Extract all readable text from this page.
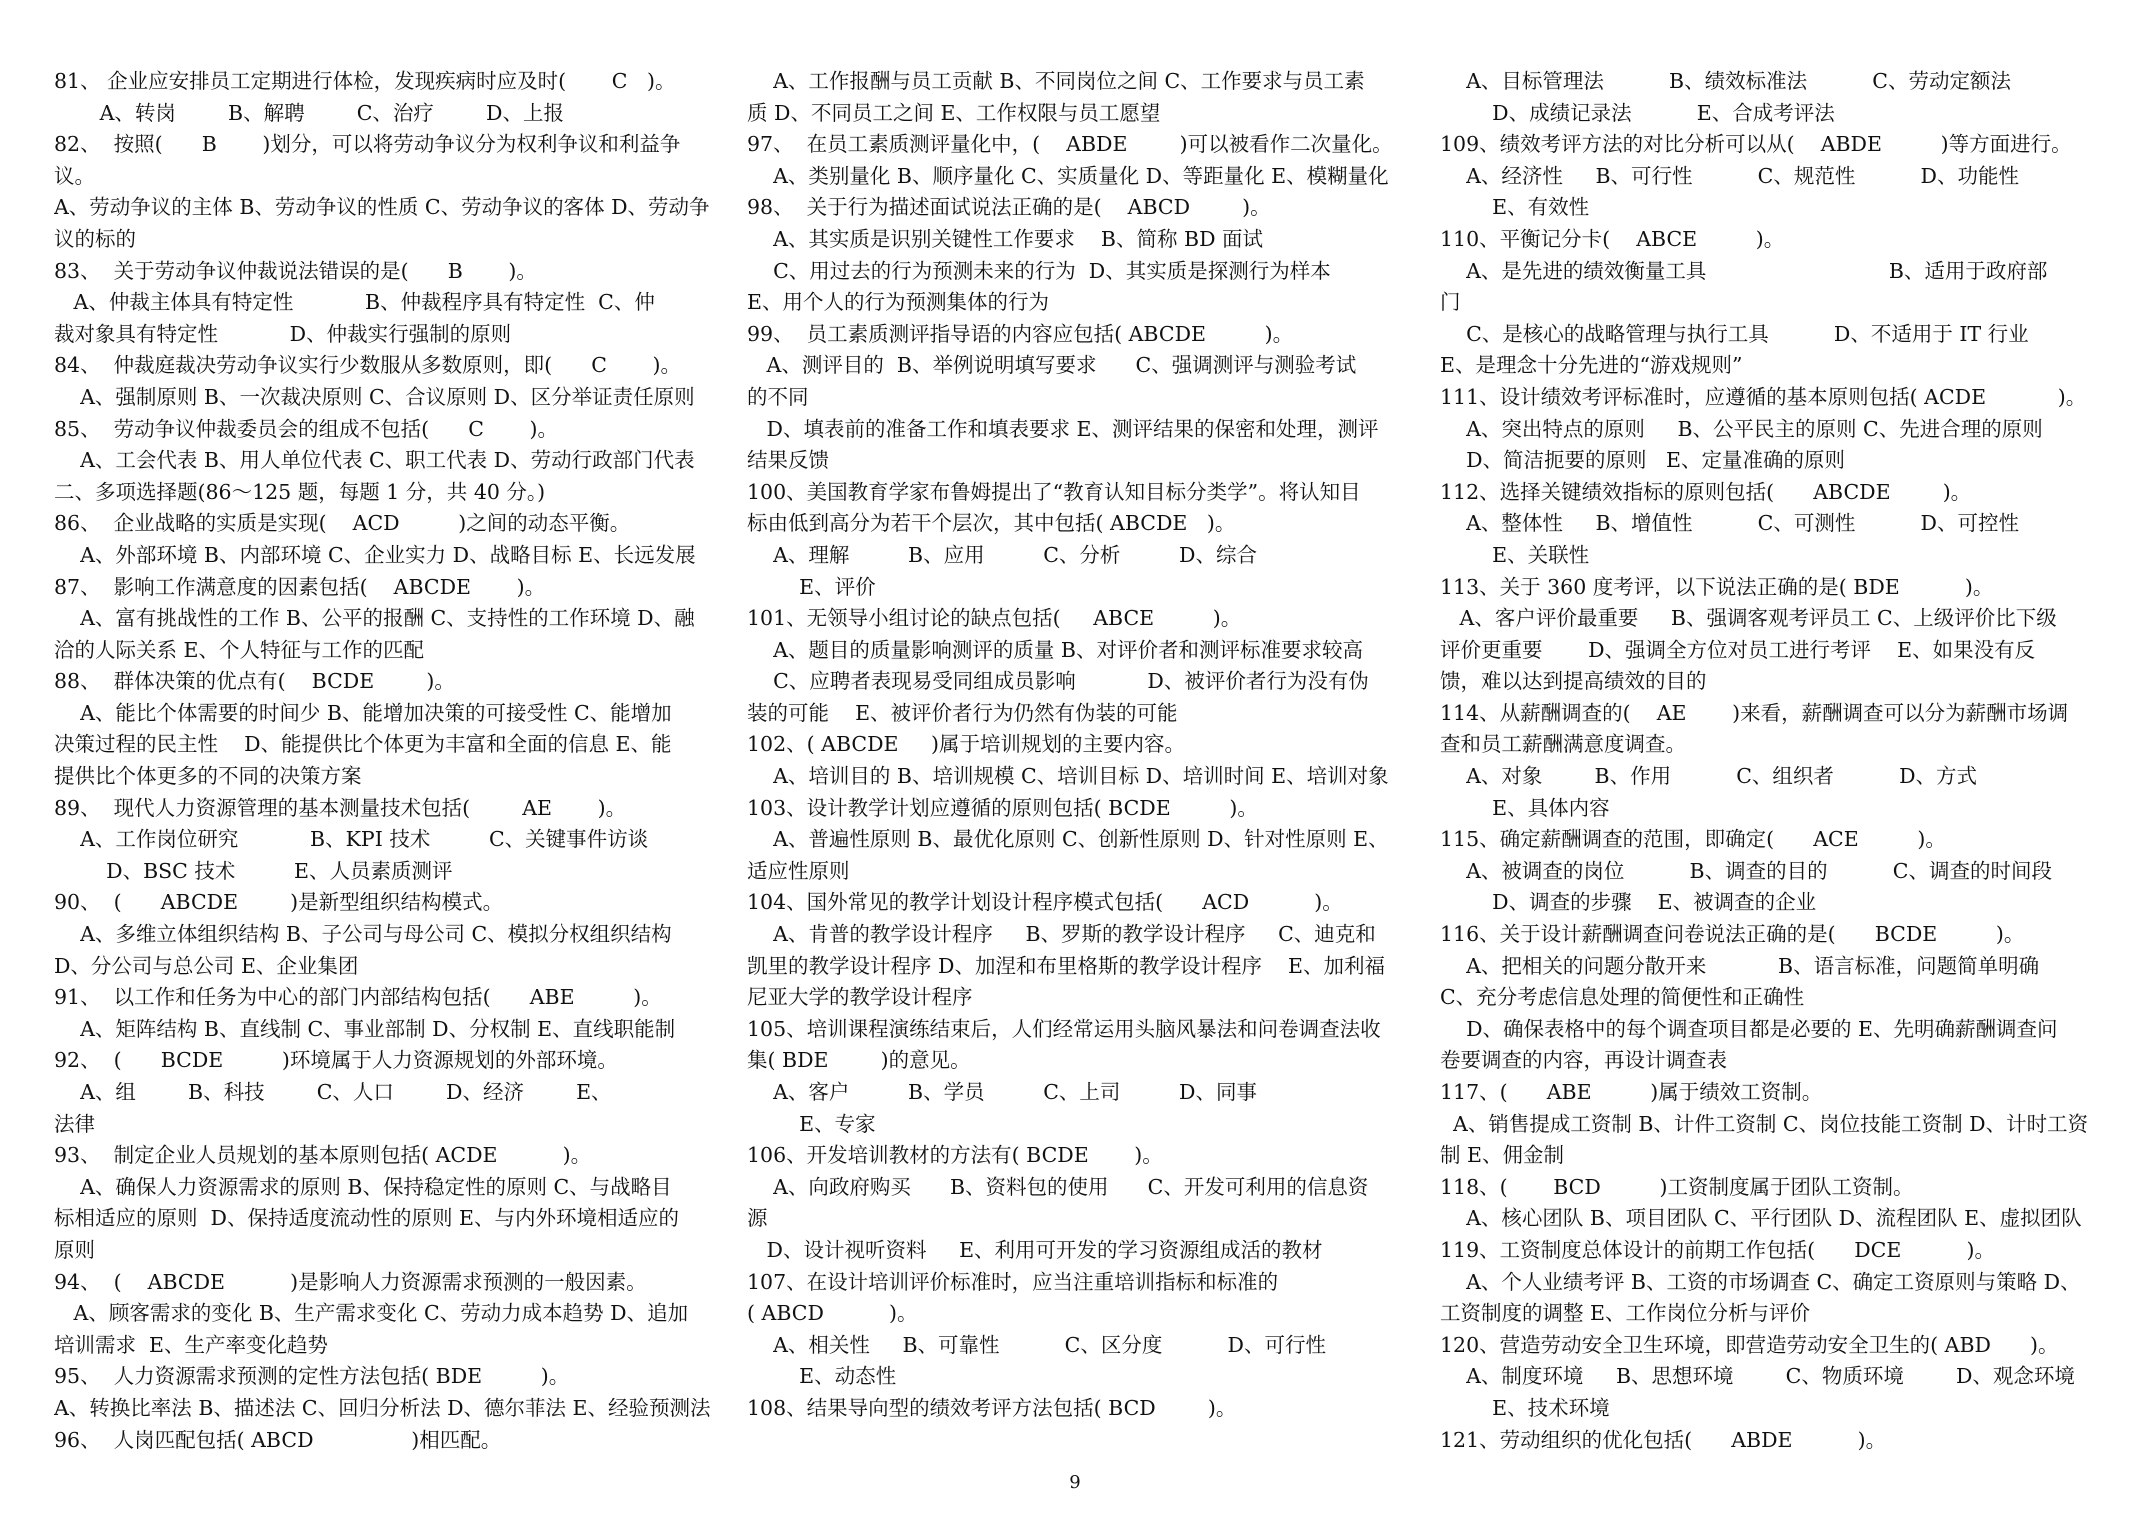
81、 企业应安排员工定期进行体检，发现疾病时应及时(       C   )。
A、转岗        B、解聘        C、治疗        D、上报
82、  按照(      B       )划分，可以将劳动争议分为权利争议和利益争
议。
A、劳动争议的主体 B、劳动争议的性质 C、劳动争议的客体 D、劳动争
议的标的
83、  关于劳动争议仲裁说法错误的是(      B       )。
A、仲裁主体具有特定性           B、仲裁程序具有特定性  C、仲
裁对象具有特定性           D、仲裁实行强制的原则
84、  仲裁庭裁决劳动争议实行少数服从多数原则，即(      C       )。
A、强制原则 B、一次裁决原则 C、合议原则 D、区分举证责任原则
85、  劳动争议仲裁委员会的组成不包括(      C       )。
A、工会代表 B、用人单位代表 C、职工代表 D、劳动行政部门代表
二、多项选择题(86～125 题，每题 1 分，共 40 分。)
86、  企业战略的实质是实现(    ACD         )之间的动态平衡。
A、外部环境 B、内部环境 C、企业实力 D、战略目标 E、长远发展
87、  影响工作满意度的因素包括(    ABCDE       )。
A、富有挑战性的工作 B、公平的报酬 C、支持性的工作环境 D、融
洽的人际关系 E、个人特征与工作的匹配
88、  群体决策的优点有(    BCDE        )。
A、能比个体需要的时间少 B、能增加决策的可接受性 C、能增加
决策过程的民主性    D、能提供比个体更为丰富和全面的信息 E、能
提供比个体更多的不同的决策方案
89、  现代人力资源管理的基本测量技术包括(        AE       )。
A、工作岗位研究           B、KPI 技术         C、关键事件访谈
D、BSC 技术         E、人员素质测评
90、  (      ABCDE        )是新型组织结构模式。
A、多维立体组织结构 B、子公司与母公司 C、模拟分权组织结构
D、分公司与总公司 E、企业集团
91、  以工作和任务为中心的部门内部结构包括(      ABE         )。
A、矩阵结构 B、直线制 C、事业部制 D、分权制 E、直线职能制
92、  (      BCDE         )环境属于人力资源规划的外部环境。
A、组        B、科技        C、人口        D、经济        E、
法律
93、  制定企业人员规划的基本原则包括( ACDE          )。
A、确保人力资源需求的原则 B、保持稳定性的原则 C、与战略目
标相适应的原则  D、保持适度流动性的原则 E、与内外环境相适应的
原则
94、  (    ABCDE          )是影响人力资源需求预测的一般因素。
A、顾客需求的变化 B、生产需求变化 C、劳动力成本趋势 D、追加
培训需求  E、生产率变化趋势
95、  人力资源需求预测的定性方法包括( BDE         )。
A、转换比率法 B、描述法 C、回归分析法 D、德尔菲法 E、经验预测法
96、  人岗匹配包括( ABCD               )相匹配。
A、工作报酬与员工贡献 B、不同岗位之间 C、工作要求与员工素
质 D、不同员工之间 E、工作权限与员工愿望
97、  在员工素质测评量化中，(    ABDE        )可以被看作二次量化。
A、类别量化 B、顺序量化 C、实质量化 D、等距量化 E、模糊量化
98、  关于行为描述面试说法正确的是(    ABCD        )。
A、其实质是识别关键性工作要求    B、简称 BD 面试
C、用过去的行为预测未来的行为  D、其实质是探测行为样本
E、用个人的行为预测集体的行为
99、  员工素质测评指导语的内容应包括( ABCDE         )。
A、测评目的  B、举例说明填写要求      C、强调测评与测验考试
的不同
D、填表前的准备工作和填表要求 E、测评结果的保密和处理，测评
结果反馈
100、美国教育学家布鲁姆提出了“教育认知目标分类学”。将认知目
标由低到高分为若干个层次，其中包括( ABCDE   )。
A、理解         B、应用         C、分析         D、综合
E、评价
101、无领导小组讨论的缺点包括(     ABCE         )。
A、题目的质量影响测评的质量 B、对评价者和测评标准要求较高
C、应聘者表现易受同组成员影响           D、被评价者行为没有伪
装的可能    E、被评价者行为仍然有伪装的可能
102、( ABCDE     )属于培训规划的主要内容。
A、培训目的 B、培训规模 C、培训目标 D、培训时间 E、培训对象
103、设计教学计划应遵循的原则包括( BCDE         )。
A、普遍性原则 B、最优化原则 C、创新性原则 D、针对性原则 E、
适应性原则
104、国外常见的教学计划设计程序模式包括(      ACD          )。
A、肯普的教学设计程序     B、罗斯的教学设计程序     C、迪克和
凯里的教学设计程序 D、加涅和布里格斯的教学设计程序    E、加利福
尼亚大学的教学设计程序
105、培训课程演练结束后，人们经常运用头脑风暴法和问卷调查法收
集( BDE        )的意见。
A、客户         B、学员         C、上司         D、同事
E、专家
106、开发培训教材的方法有( BCDE       )。
A、向政府购买      B、资料包的使用      C、开发可利用的信息资
源
D、设计视听资料     E、利用可开发的学习资源组成活的教材
107、在设计培训评价标准时，应当注重培训指标和标准的
( ABCD          )。
A、相关性     B、可靠性          C、区分度          D、可行性
E、动态性
108、结果导向型的绩效考评方法包括( BCD        )。
A、目标管理法          B、绩效标准法          C、劳动定额法
D、成绩记录法          E、合成考评法
109、绩效考评方法的对比分析可以从(    ABDE         )等方面进行。
A、经济性     B、可行性          C、规范性          D、功能性
E、有效性
110、平衡记分卡(    ABCE         )。
A、是先进的绩效衡量工具                            B、适用于政府部
门
C、是核心的战略管理与执行工具          D、不适用于 IT 行业
E、是理念十分先进的“游戏规则”
111、设计绩效考评标准时，应遵循的基本原则包括( ACDE           )。
A、突出特点的原则     B、公平民主的原则 C、先进合理的原则
D、简洁扼要的原则   E、定量准确的原则
112、选择关键绩效指标的原则包括(      ABCDE        )。
A、整体性     B、增值性          C、可测性          D、可控性
E、关联性
113、关于 360 度考评，以下说法正确的是( BDE          )。
A、客户评价最重要     B、强调客观考评员工 C、上级评价比下级
评价更重要       D、强调全方位对员工进行考评    E、如果没有反
馈，难以达到提高绩效的目的
114、从薪酬调查的(    AE       )来看，薪酬调查可以分为薪酬市场调
查和员工薪酬满意度调查。
A、对象        B、作用          C、组织者          D、方式
E、具体内容
115、确定薪酬调查的范围，即确定(      ACE         )。
A、被调查的岗位          B、调查的目的          C、调查的时间段
D、调查的步骤    E、被调查的企业
116、关于设计薪酬调查问卷说法正确的是(      BCDE         )。
A、把相关的问题分散开来           B、语言标准，问题简单明确
C、充分考虑信息处理的简便性和正确性
D、确保表格中的每个调查项目都是必要的 E、先明确薪酬调查问
卷要调查的内容，再设计调查表
117、(      ABE         )属于绩效工资制。
A、销售提成工资制 B、计件工资制 C、岗位技能工资制 D、计时工资
制 E、佣金制
118、(       BCD         )工资制度属于团队工资制。
A、核心团队 B、项目团队 C、平行团队 D、流程团队 E、虚拟团队
119、工资制度总体设计的前期工作包括(      DCE          )。
A、个人业绩考评 B、工资的市场调查 C、确定工资原则与策略 D、
工资制度的调整 E、工作岗位分析与评价
120、营造劳动安全卫生环境，即营造劳动安全卫生的( ABD      )。
A、制度环境     B、思想环境        C、物质环境        D、观念环境
E、技术环境
121、劳动组织的优化包括(      ABDE          )。
9
